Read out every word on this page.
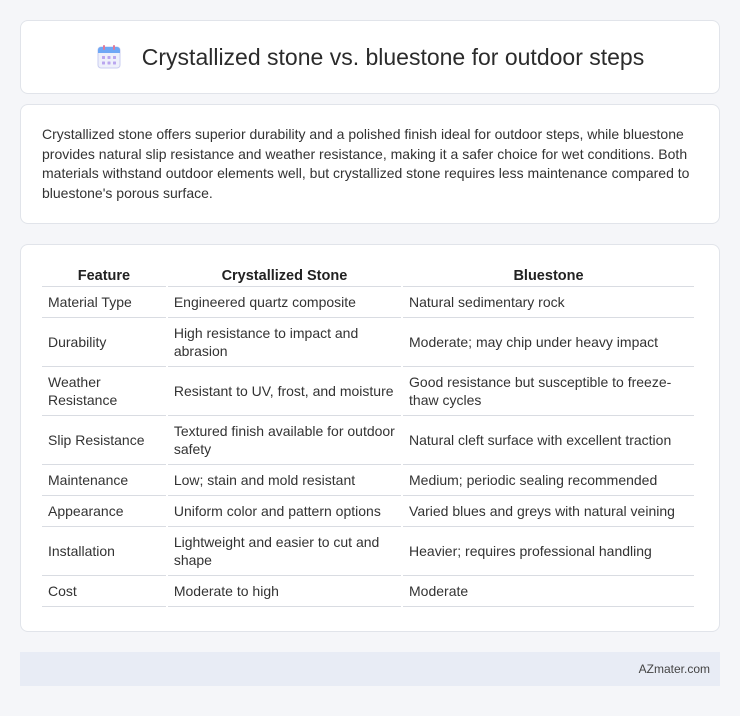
Crystallized stone vs. bluestone for outdoor steps

Crystallized stone offers superior durability and a polished finish ideal for outdoor steps, while bluestone provides natural slip resistance and weather resistance, making it a safer choice for wet conditions. Both materials withstand outdoor elements well, but crystallized stone requires less maintenance compared to bluestone's porous surface.

Feature	Crystallized Stone	Bluestone
Material Type	Engineered quartz composite	Natural sedimentary rock
Durability	High resistance to impact and abrasion	Moderate; may chip under heavy impact
Weather Resistance	Resistant to UV, frost, and moisture	Good resistance but susceptible to freeze-thaw cycles
Slip Resistance	Textured finish available for outdoor safety	Natural cleft surface with excellent traction
Maintenance	Low; stain and mold resistant	Medium; periodic sealing recommended
Appearance	Uniform color and pattern options	Varied blues and greys with natural veining
Installation	Lightweight and easier to cut and shape	Heavier; requires professional handling
Cost	Moderate to high	Moderate
AZmater.com
